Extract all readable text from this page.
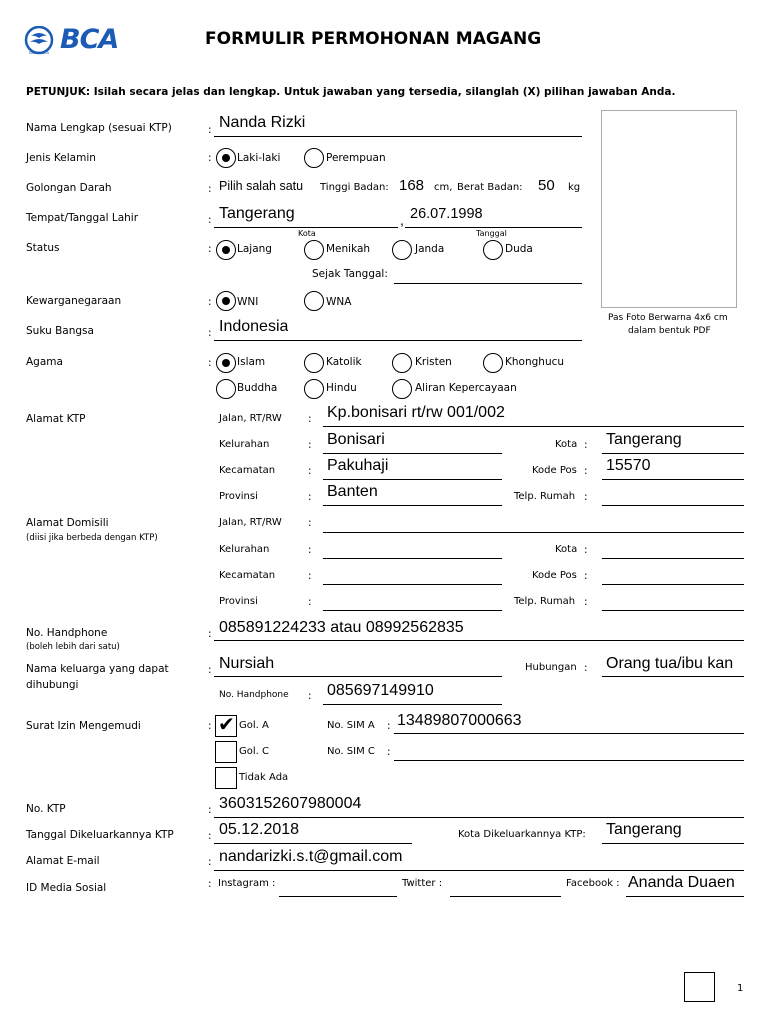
BCA
BANK BCA
FORMULIR PERMOHONAN MAGANG
PETUNJUK: Isilah secara jelas dan lengkap. Untuk jawaban yang tersedia, silanglah (X) pilihan jawaban Anda.
Pas Foto Berwarna 4x6 cm
dalam bentuk PDF
Nama Lengkap (sesuai KTP)	: Nanda Rizki
Jenis Kelamin	: Laki-laki	Perempuan
Golongan Darah	: Pilih salah satu Tinggi Badan: 168 cm, Berat Badan: 50 kg
Tempat/Tanggal Lahir	: Tangerang	, 26.07.1998
Kota	Tanggal
Status	: Lajang	Menikah	Janda	Duda
Sejak Tanggal:
Kewarganegaraan	: WNI	WNA
Suku Bangsa	: Indonesia
Agama	: Islam	Katolik	Kristen	Khonghucu
Buddha	Hindu	Aliran Kepercayaan
Alamat KTP	Jalan, RT/RW : Kp.bonisari rt/rw 001/002
Kelurahan	: Bonisari	Kota : Tangerang
Kecamatan	: Pakuhaji	Kode Pos : 15570
Provinsi	: Banten	Telp. Rumah :
Alamat Domisili
(diisi jika berbeda dengan KTP)
Jalan, RT/RW :
Kelurahan	:	Kota :
Kecamatan	:	Kode Pos :
Provinsi	:	Telp. Rumah :
No. Handphone
(boleh lebih dari satu)
: 085891224233 atau 08992562835
Nama keluarga yang dapat
dihubungi
: Nursiah	Hubungan : Orang tua/ibu kan
No. Handphone : 085697149910
Surat Izin Mengemudi	: ✔ Gol. A	No. SIM A : 13489807000663
Gol. C	No. SIM C :
Tidak Ada
No. KTP	: 3603152607980004
Tanggal Dikeluarkannya KTP	: 05.12.2018	Kota Dikeluarkannya KTP: Tangerang
Alamat E-mail	: nandarizki.s.t@gmail.com
ID Media Sosial	: Instagram :	Twitter :	Facebook : Ananda Duaen
1
